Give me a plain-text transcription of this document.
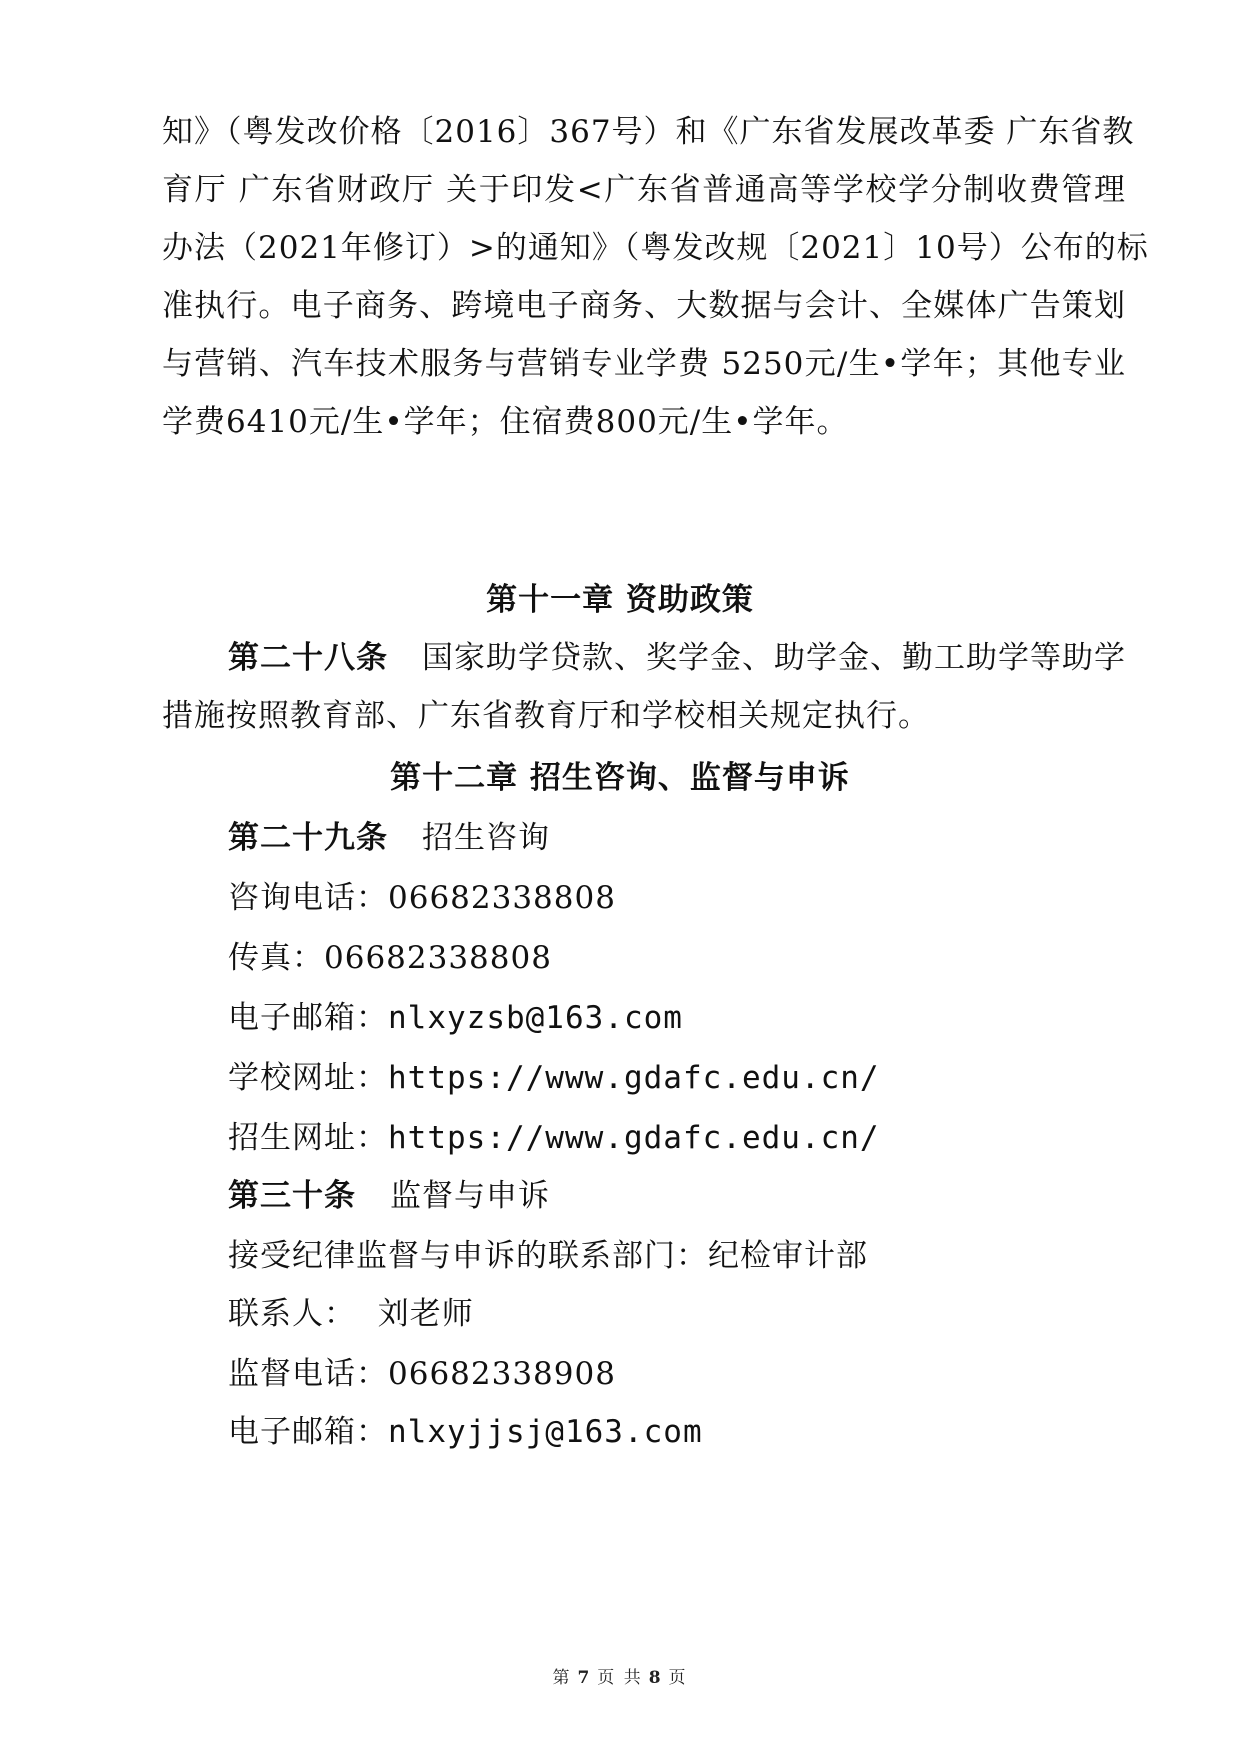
知》（粤发改价格〔2016〕367号）和《广东省发展改革委 广东省教
育厅 广东省财政厅 关于印发<广东省普通高等学校学分制收费管理
办法（2021年修订）>的通知》（粤发改规〔2021〕10号）公布的标
准执行。电子商务、跨境电子商务、大数据与会计、全媒体广告策划
与营销、汽车技术服务与营销专业学费 5250元/生•学年；其他专业
学费6410元/生•学年；住宿费800元/生•学年。
第十一章 资助政策
第二十八条 国家助学贷款、奖学金、助学金、勤工助学等助学
措施按照教育部、广东省教育厅和学校相关规定执行。
第十二章 招生咨询、监督与申诉
第二十九条 招生咨询
咨询电话：06682338808
传真：06682338808
电子邮箱：nlxyzsb@163.com
学校网址：https://www.gdafc.edu.cn/
招生网址：https://www.gdafc.edu.cn/
第三十条 监督与申诉
接受纪律监督与申诉的联系部门：纪检审计部
联系人：  刘老师
监督电话：06682338908
电子邮箱：nlxyjjsj@163.com
第 7 页 共 8 页
